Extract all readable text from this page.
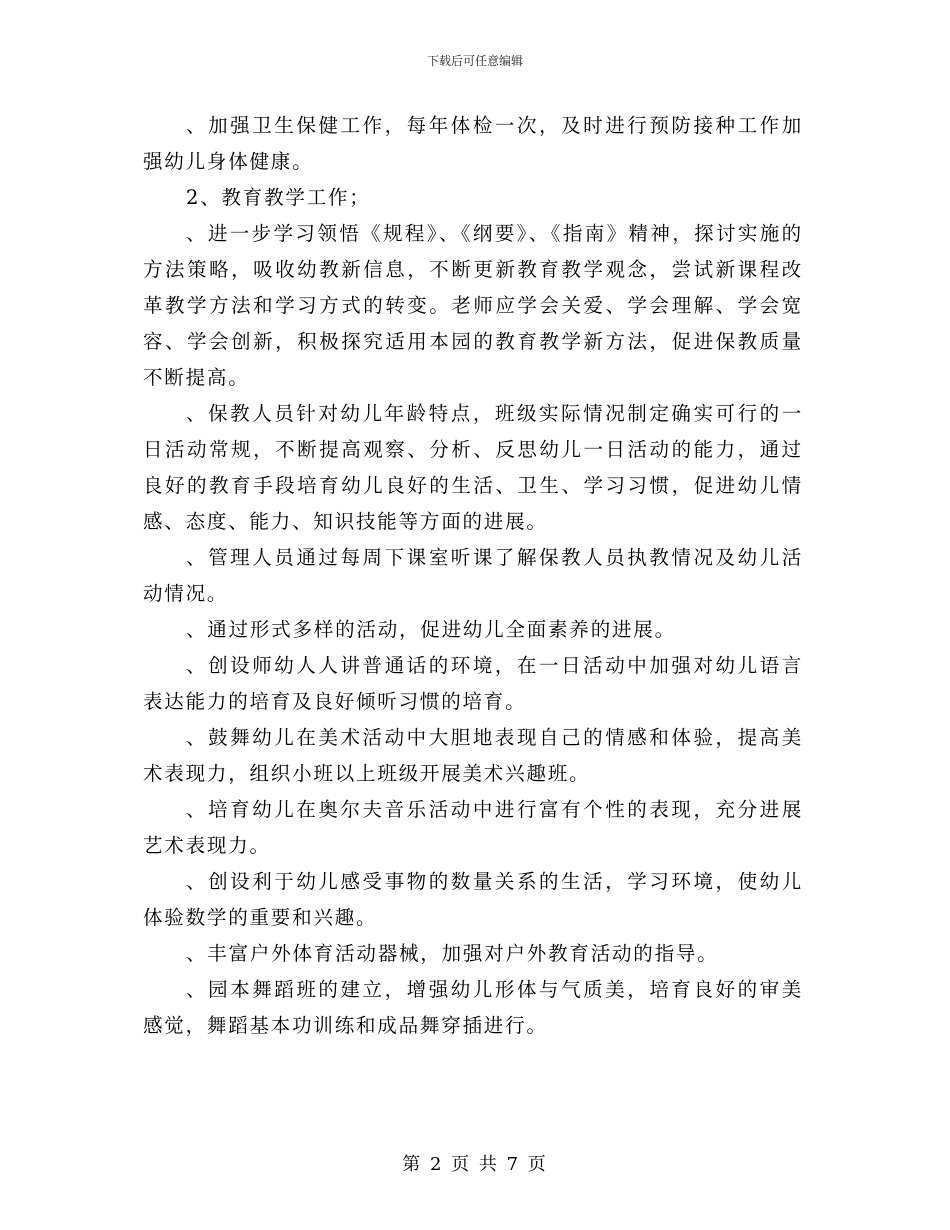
下载后可任意编辑

、加强卫生保健工作，每年体检一次，及时进行预防接种工作加强幼儿身体健康。

2、教育教学工作；

、进一步学习领悟《规程》、《纲要》、《指南》精神，探讨实施的方法策略，吸收幼教新信息，不断更新教育教学观念，尝试新课程改革教学方法和学习方式的转变。老师应学会关爱、学会理解、学会宽容、学会创新，积极探究适用本园的教育教学新方法，促进保教质量不断提高。

、保教人员针对幼儿年龄特点，班级实际情况制定确实可行的一日活动常规，不断提高观察、分析、反思幼儿一日活动的能力，通过良好的教育手段培育幼儿良好的生活、卫生、学习习惯，促进幼儿情感、态度、能力、知识技能等方面的进展。

、管理人员通过每周下课室听课了解保教人员执教情况及幼儿活动情况。

、通过形式多样的活动，促进幼儿全面素养的进展。

、创设师幼人人讲普通话的环境，在一日活动中加强对幼儿语言表达能力的培育及良好倾听习惯的培育。

、鼓舞幼儿在美术活动中大胆地表现自己的情感和体验，提高美术表现力，组织小班以上班级开展美术兴趣班。

、培育幼儿在奥尔夫音乐活动中进行富有个性的表现，充分进展艺术表现力。

、创设利于幼儿感受事物的数量关系的生活，学习环境，使幼儿体验数学的重要和兴趣。

、丰富户外体育活动器械，加强对户外教育活动的指导。

、园本舞蹈班的建立，增强幼儿形体与气质美，培育良好的审美感觉，舞蹈基本功训练和成品舞穿插进行。

第 2 页 共 7 页
